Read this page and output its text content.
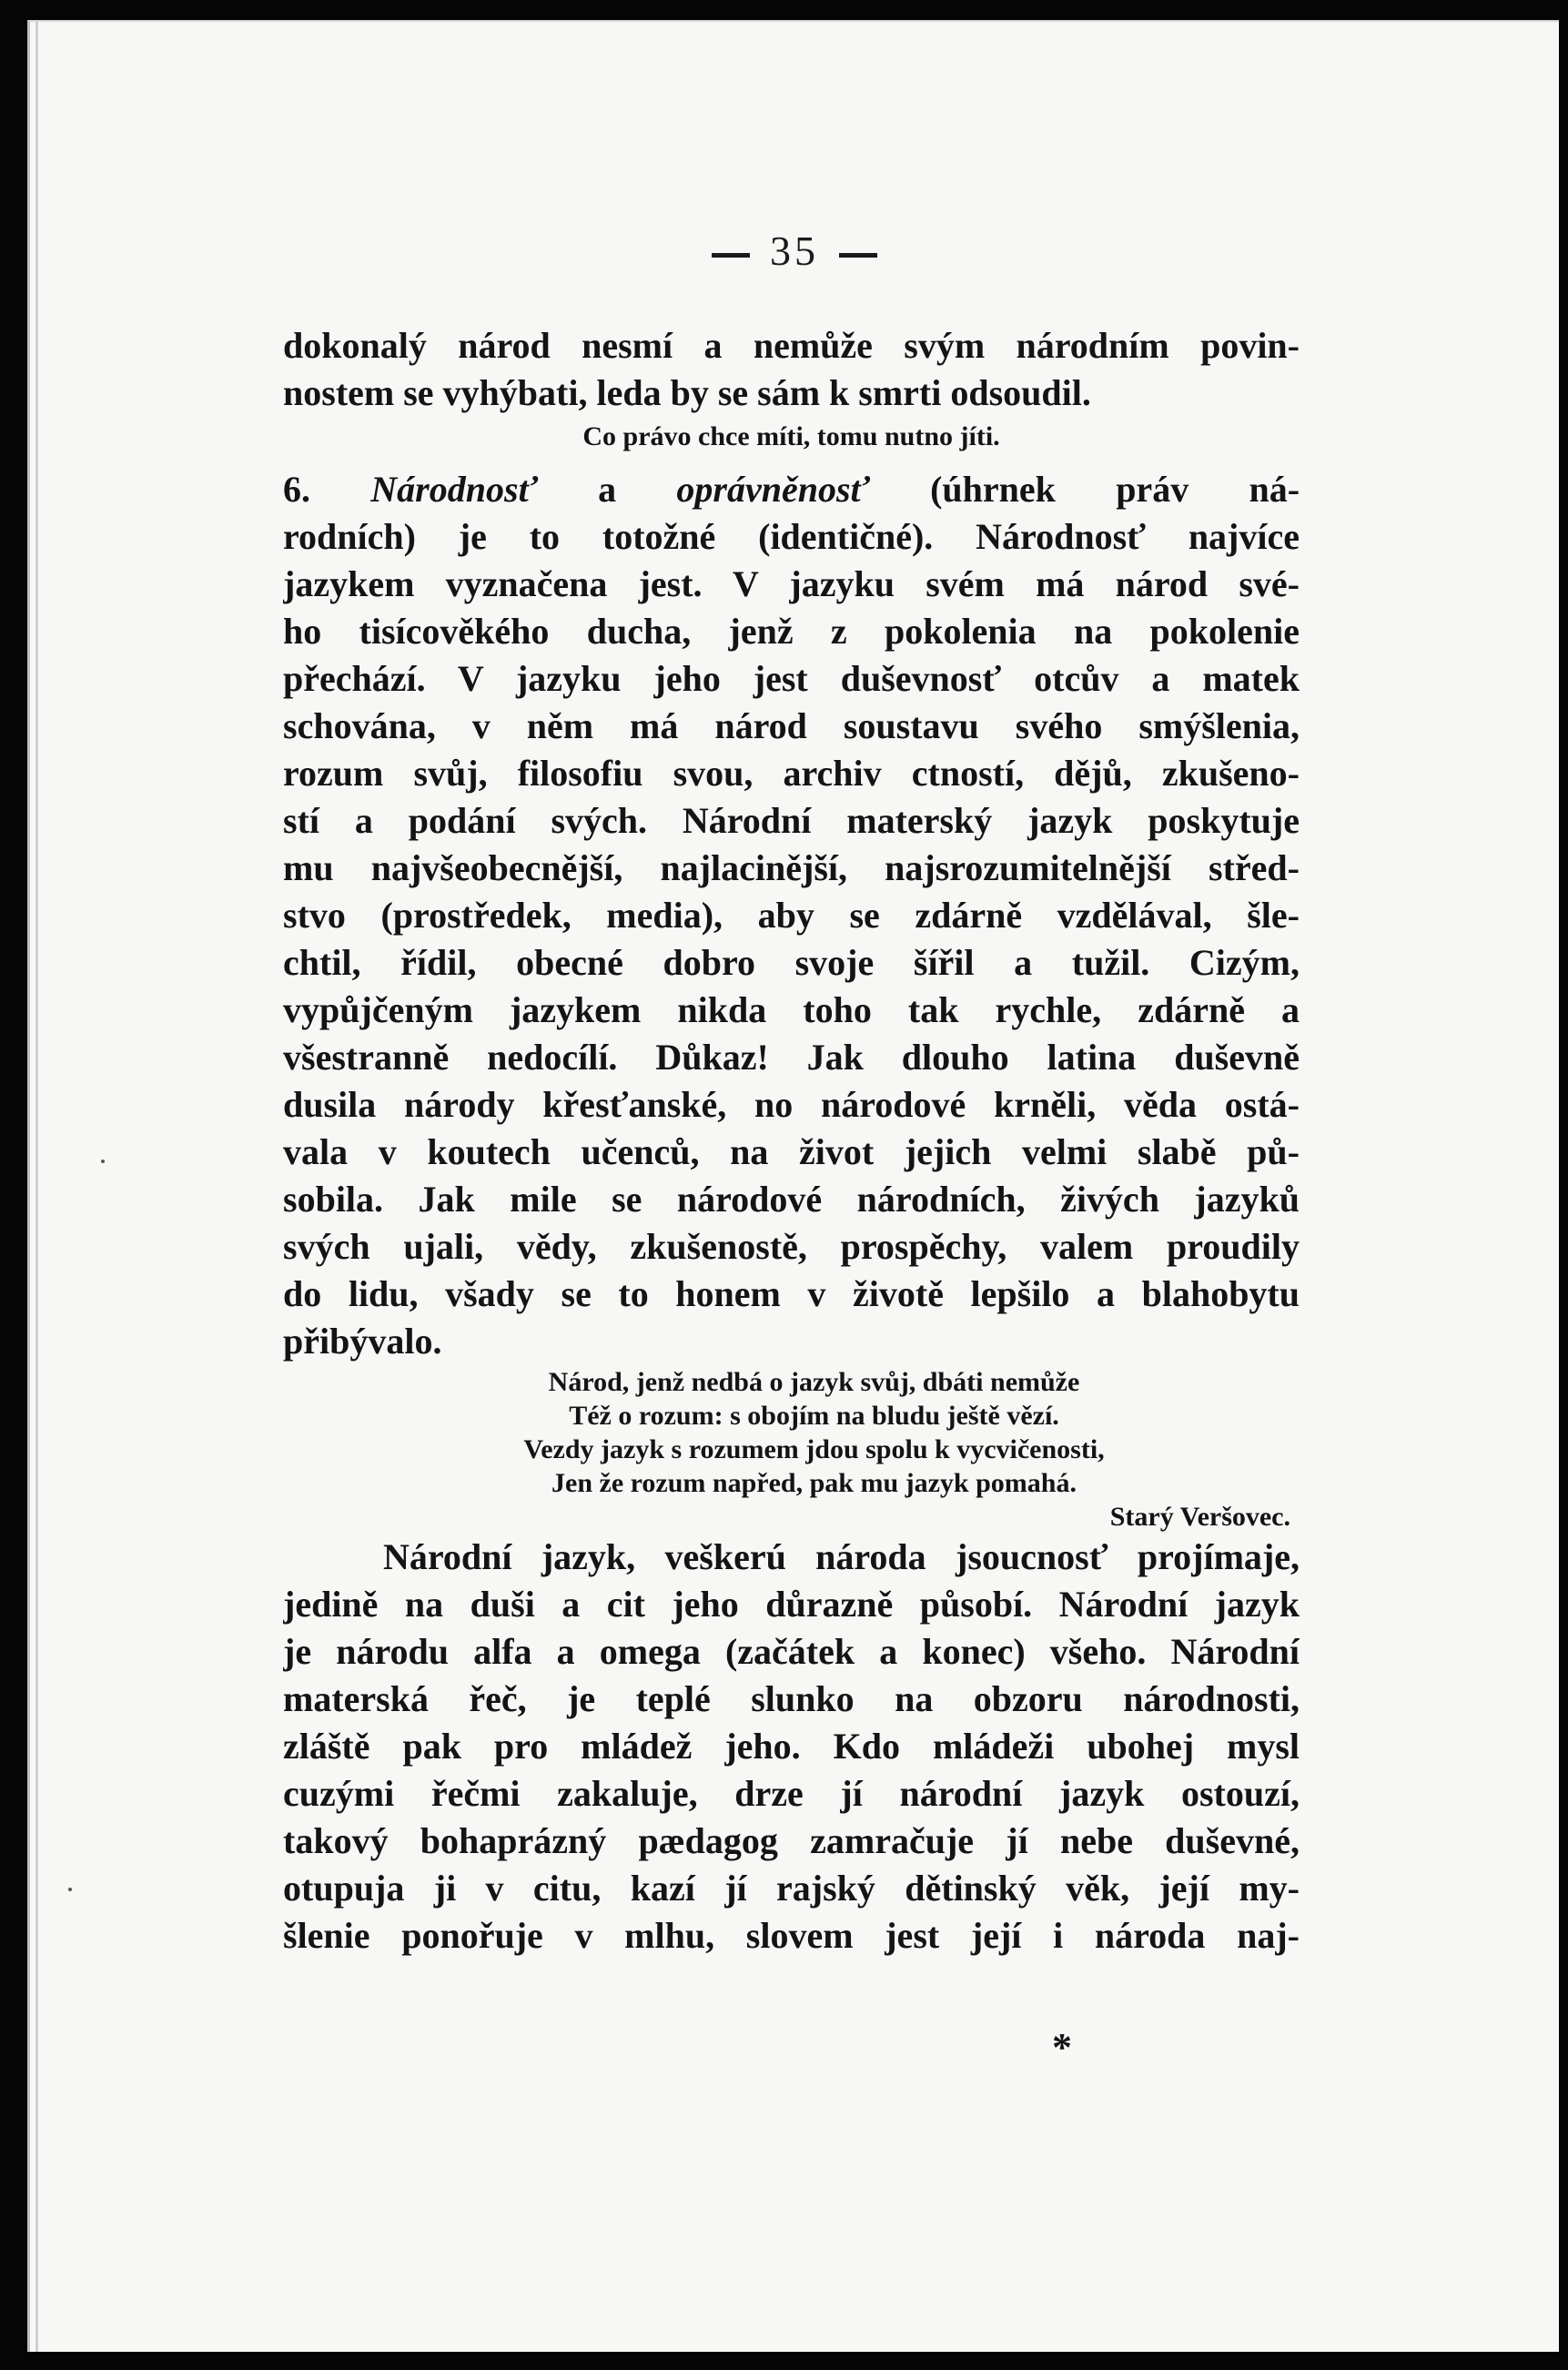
35
dokonalý národ nesmí a nemůže svým národním povin-
nostem se vyhýbati, leda by se sám k smrti odsoudil.
Co právo chce míti, tomu nutno jíti.
6. Národnosť a oprávněnosť (úhrnek práv ná-
rodních) je to totožné (identičné). Národnosť najvíce
jazykem vyznačena jest. V jazyku svém má národ své-
ho tisícověkého ducha, jenž z pokolenia na pokolenie
přechází. V jazyku jeho jest duševnosť otcův a matek
schována, v něm má národ soustavu svého smýšlenia,
rozum svůj, filosofiu svou, archiv ctností, dějů, zkušeno-
stí a podání svých. Národní materský jazyk poskytuje
mu najvšeobecnější, najlacinější, najsrozumitelnější střed-
stvo (prostředek, media), aby se zdárně vzdělával, šle-
chtil, řídil, obecné dobro svoje šířil a tužil. Cizým,
vypůjčeným jazykem nikda toho tak rychle, zdárně a
všestranně nedocílí. Důkaz! Jak dlouho latina duševně
dusila národy křesťanské, no národové krněli, věda ostá-
vala v koutech učenců, na život jejich velmi slabě pů-
sobila. Jak mile se národové národních, živých jazyků
svých ujali, vědy, zkušenostě, prospěchy, valem proudily
do lidu, všady se to honem v životě lepšilo a blahobytu
přibývalo.
Národ, jenž nedbá o jazyk svůj, dbáti nemůže
Též o rozum: s obojím na bludu ještě vězí.
Vezdy jazyk s rozumem jdou spolu k vycvičenosti,
Jen že rozum napřed, pak mu jazyk pomahá.
Starý Veršovec.
Národní jazyk, veškerú národa jsoucnosť projímaje,
jedině na duši a cit jeho důrazně působí. Národní jazyk
je národu alfa a omega (začátek a konec) všeho. Národní
materská řeč, je teplé slunko na obzoru národnosti,
zláště pak pro mládež jeho. Kdo mládeži ubohej mysl
cuzými řečmi zakaluje, drze jí národní jazyk ostouzí,
takový bohaprázný pædagog zamračuje jí nebe duševné,
otupuja ji v citu, kazí jí rajský dětinský věk, její my-
šlenie ponořuje v mlhu, slovem jest její i národa naj-
*
